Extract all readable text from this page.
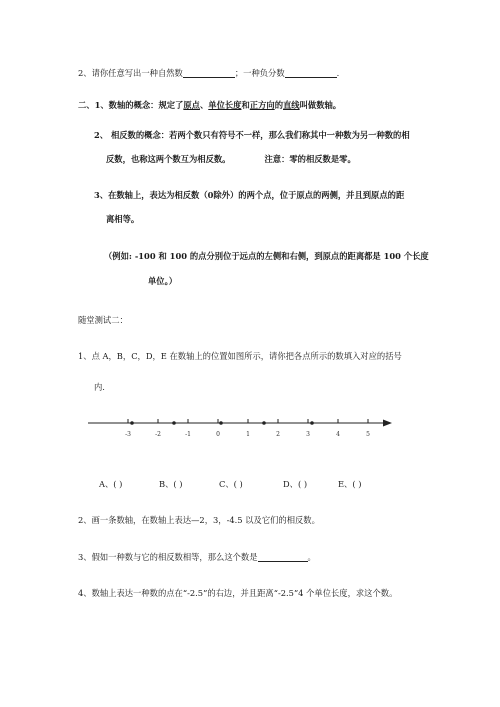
2、请你任意写出一种自然数	；一种负分数	.
二、1、数轴的概念：规定了原点、单位长度和正方向的直线叫做数轴。
2、 相反数的概念：若两个数只有符号不一样，那么我们称其中一种数为另一种数的相
反数，也称这两个数互为相反数。	注意：零的相反数是零。
3、在数轴上，表达为相反数（0除外）的两个点，位于原点的两侧，并且到原点的距
离相等。
（例如: -100 和 100 的点分别位于远点的左侧和右侧，到原点的距离都是 100 个长度
单位。）
随堂测试二：
1、点 A，B，C，D，E 在数轴上的位置如图所示，请你把各点所示的数填入对应的括号
内.
-3	-2	-1	0	1	2	3	4	5
A、( )	B、( )	C、( )	D、( )	E、( )
2、画一条数轴，在数轴上表达—2，3，-4.5 以及它们的相反数。
3、假如一种数与它的相反数相等，那么这个数是	。
4、数轴上表达一种数的点在“-2.5”的右边，并且距离“-2.5”4 个单位长度，求这个数。
